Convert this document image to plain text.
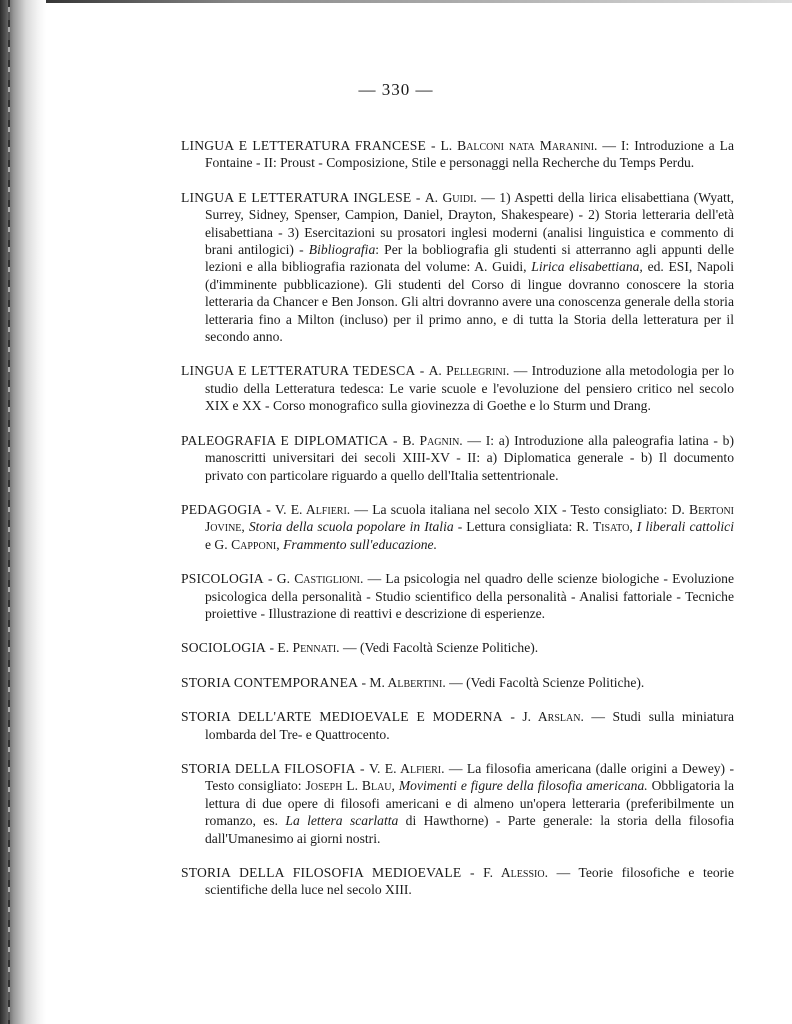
— 330 —

LINGUA E LETTERATURA FRANCESE - L. Balconi nata Maranini. — I: Introduzione a La Fontaine - II: Proust - Composizione, Stile e personaggi nella Recherche du Temps Perdu.

LINGUA E LETTERATURA INGLESE - A. Guidi. — 1) Aspetti della lirica elisabettiana (Wyatt, Surrey, Sidney, Spenser, Campion, Daniel, Drayton, Shakespeare) - 2) Storia letteraria dell'età elisabettiana - 3) Esercitazioni su prosatori inglesi moderni (analisi linguistica e commento di brani antilogici) - Bibliografia: Per la bobliografia gli studenti si atterranno agli appunti delle lezioni e alla bibliografia razionata del volume: A. Guidi, Lirica elisabettiana, ed. ESI, Napoli (d'imminente pubblicazione). Gli studenti del Corso di lingue dovranno conoscere la storia letteraria da Chancer e Ben Jonson. Gli altri dovranno avere una conoscenza generale della storia letteraria fino a Milton (incluso) per il primo anno, e di tutta la Storia della letteratura per il secondo anno.

LINGUA E LETTERATURA TEDESCA - A. Pellegrini. — Introduzione alla metodologia per lo studio della Letteratura tedesca: Le varie scuole e l'evoluzione del pensiero critico nel secolo XIX e XX - Corso monografico sulla giovinezza di Goethe e lo Sturm und Drang.

PALEOGRAFIA E DIPLOMATICA - B. Pagnin. — I: a) Introduzione alla paleografia latina - b) manoscritti universitari dei secoli XIII-XV - II: a) Diplomatica generale - b) Il documento privato con particolare riguardo a quello dell'Italia settentrionale.

PEDAGOGIA - V. E. Alfieri. — La scuola italiana nel secolo XIX - Testo consigliato: D. Bertoni Jovine, Storia della scuola popolare in Italia - Lettura consigliata: R. Tisato, I liberali cattolici e G. Capponi, Frammento sull'educazione.

PSICOLOGIA - G. Castiglioni. — La psicologia nel quadro delle scienze biologiche - Evoluzione psicologica della personalità - Studio scientifico della personalità - Analisi fattoriale - Tecniche proiettive - Illustrazione di reattivi e descrizione di esperienze.

SOCIOLOGIA - E. Pennati. — (Vedi Facoltà Scienze Politiche).

STORIA CONTEMPORANEA - M. Albertini. — (Vedi Facoltà Scienze Politiche).

STORIA DELL'ARTE MEDIOEVALE E MODERNA - J. Arslan. — Studi sulla miniatura lombarda del Tre- e Quattrocento.

STORIA DELLA FILOSOFIA - V. E. Alfieri. — La filosofia americana (dalle origini a Dewey) - Testo consigliato: Joseph L. Blau, Movimenti e figure della filosofia americana. Obbligatoria la lettura di due opere di filosofi americani e di almeno un'opera letteraria (preferibilmente un romanzo, es. La lettera scarlatta di Hawthorne) - Parte generale: la storia della filosofia dall'Umanesimo ai giorni nostri.

STORIA DELLA FILOSOFIA MEDIOEVALE - F. Alessio. — Teorie filosofiche e teorie scientifiche della luce nel secolo XIII.
